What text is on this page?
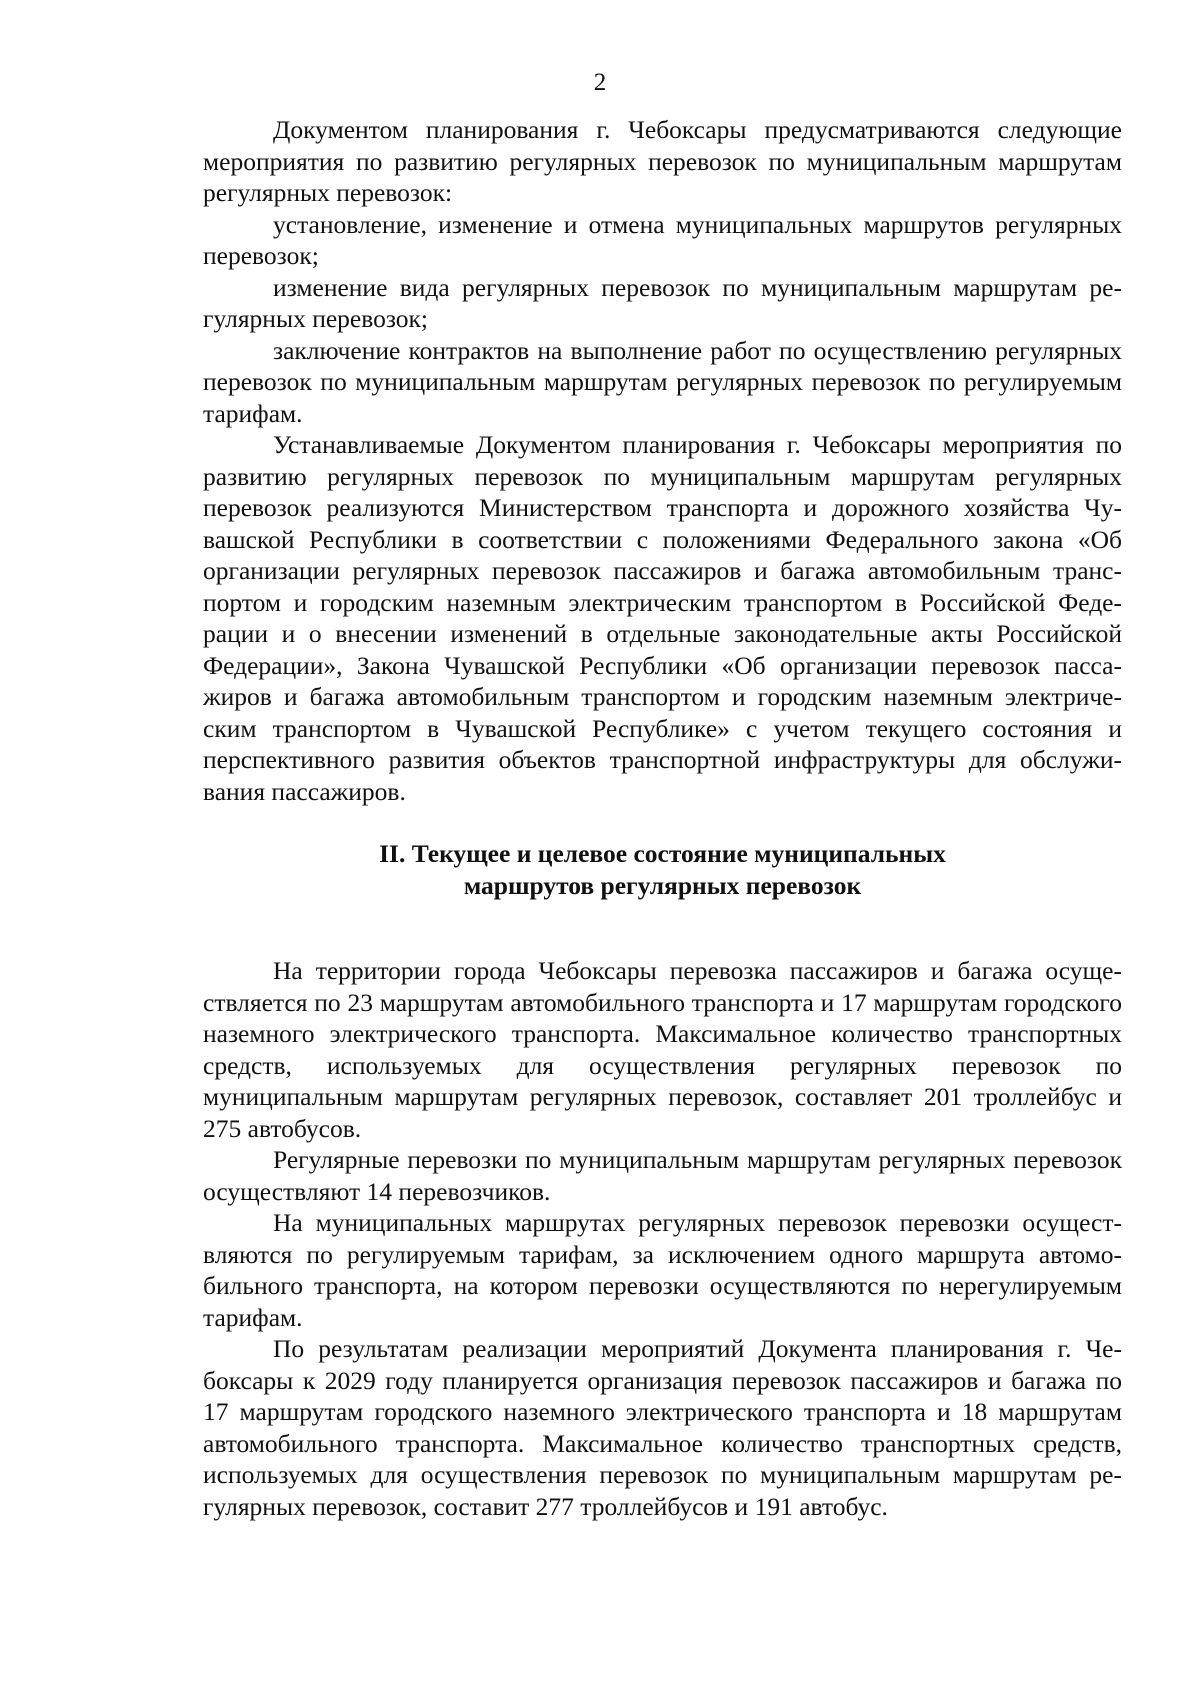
2

Документом планирования г. Чебоксары предусматриваются следующие мероприятия по развитию регулярных перевозок по муниципальным маршрутам регулярных перевозок:

установление, изменение и отмена муниципальных маршрутов регулярных перевозок;

изменение вида регулярных перевозок по муниципальным маршрутам регулярных перевозок;

заключение контрактов на выполнение работ по осуществлению регулярных перевозок по муниципальным маршрутам регулярных перевозок по регулируемым тарифам.

Устанавливаемые Документом планирования г. Чебоксары мероприятия по развитию регулярных перевозок по муниципальным маршрутам регулярных перевозок реализуются Министерством транспорта и дорожного хозяйства Чувашской Республики в соответствии с положениями Федерального закона «Об организации регулярных перевозок пассажиров и багажа автомобильным транспортом и городским наземным электрическим транспортом в Российской Федерации и о внесении изменений в отдельные законодательные акты Российской Федерации», Закона Чувашской Республики «Об организации перевозок пассажиров и багажа автомобильным транспортом и городским наземным электрическим транспортом в Чувашской Республике» с учетом текущего состояния и перспективного развития объектов транспортной инфраструктуры для обслуживания пассажиров.

II. Текущее и целевое состояние муниципальных
маршрутов регулярных перевозок

На территории города Чебоксары перевозка пассажиров и багажа осуществляется по 23 маршрутам автомобильного транспорта и 17 маршрутам городского наземного электрического транспорта. Максимальное количество транспортных средств, используемых для осуществления регулярных перевозок по муниципальным маршрутам регулярных перевозок, составляет 201 троллейбус и 275 автобусов.

Регулярные перевозки по муниципальным маршрутам регулярных перевозок осуществляют 14 перевозчиков.

На муниципальных маршрутах регулярных перевозок перевозки осуществляются по регулируемым тарифам, за исключением одного маршрута автомобильного транспорта, на котором перевозки осуществляются по нерегулируемым тарифам.

По результатам реализации мероприятий Документа планирования г. Чебоксары к 2029 году планируется организация перевозок пассажиров и багажа по 17 маршрутам городского наземного электрического транспорта и 18 маршрутам автомобильного транспорта. Максимальное количество транспортных средств, используемых для осуществления перевозок по муниципальным маршрутам регулярных перевозок, составит 277 троллейбусов и 191 автобус.
